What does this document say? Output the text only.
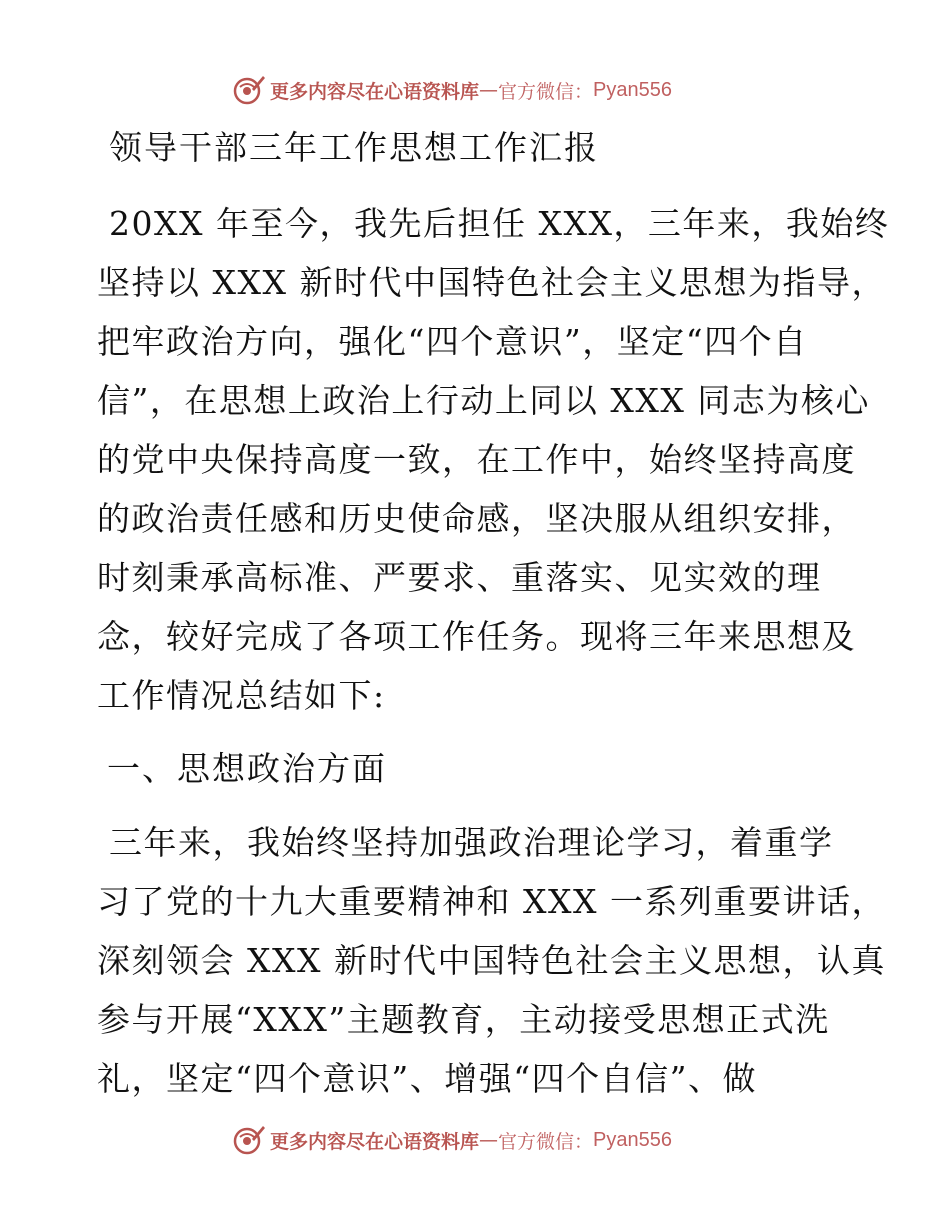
更多内容尽在心语资料库 — 官方微信： Pyan556
领导干部三年工作思想工作汇报

20XX 年至今，我先后担任 XXX，三年来，我始终
坚持以 XXX 新时代中国特色社会主义思想为指导，
把牢政治方向，强化“四个意识”，坚定“四个自
信”，在思想上政治上行动上同以 XXX 同志为核心
的党中央保持高度一致，在工作中，始终坚持高度
的政治责任感和历史使命感，坚决服从组织安排，
时刻秉承高标准、严要求、重落实、见实效的理
念，较好完成了各项工作任务。现将三年来思想及
工作情况总结如下:

一、思想政治方面

三年来，我始终坚持加强政治理论学习，着重学
习了党的十九大重要精神和 XXX 一系列重要讲话，
深刻领会 XXX 新时代中国特色社会主义思想，认真
参与开展“XXX”主题教育，主动接受思想正式洗
礼，坚定“四个意识”、增强“四个自信”、做

更多内容尽在心语资料库 — 官方微信： Pyan556
